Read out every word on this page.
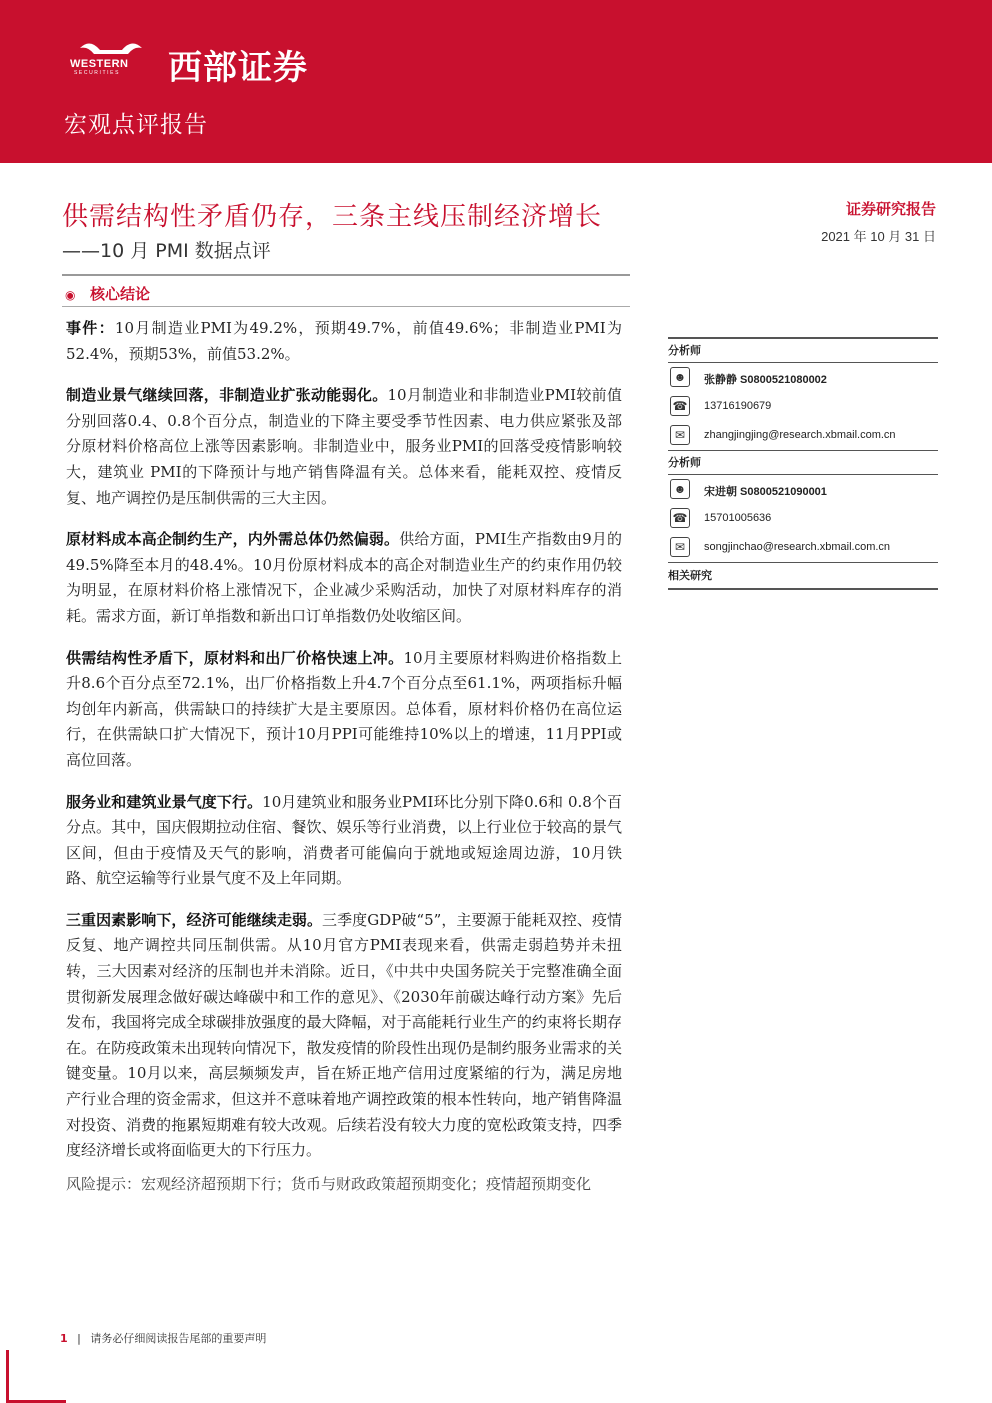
WESTERN
SECURITIES 西部证券
宏观点评报告
供需结构性矛盾仍存，三条主线压制经济增长
——10 月 PMI 数据点评
证券研究报告
2021 年 10 月 31 日
◉ 核心结论

事件：10月制造业PMI为49.2%，预期49.7%，前值49.6%；非制造业PMI为52.4%，预期53%，前值53.2%。

制造业景气继续回落，非制造业扩张动能弱化。10月制造业和非制造业PMI较前值分别回落0.4、0.8个百分点，制造业的下降主要受季节性因素、电力供应紧张及部分原材料价格高位上涨等因素影响。非制造业中，服务业PMI的回落受疫情影响较大，建筑业 PMI的下降预计与地产销售降温有关。总体来看，能耗双控、疫情反复、地产调控仍是压制供需的三大主因。

原材料成本高企制约生产，内外需总体仍然偏弱。供给方面，PMI生产指数由9月的49.5%降至本月的48.4%。10月份原材料成本的高企对制造业生产的约束作用仍较为明显，在原材料价格上涨情况下，企业减少采购活动，加快了对原材料库存的消耗。需求方面，新订单指数和新出口订单指数仍处收缩区间。

供需结构性矛盾下，原材料和出厂价格快速上冲。10月主要原材料购进价格指数上升8.6个百分点至72.1%，出厂价格指数上升4.7个百分点至61.1%，两项指标升幅均创年内新高，供需缺口的持续扩大是主要原因。总体看，原材料价格仍在高位运行，在供需缺口扩大情况下，预计10月PPI可能维持10%以上的增速，11月PPI或高位回落。

服务业和建筑业景气度下行。10月建筑业和服务业PMI环比分别下降0.6和 0.8个百分点。其中，国庆假期拉动住宿、餐饮、娱乐等行业消费，以上行业位于较高的景气区间，但由于疫情及天气的影响，消费者可能偏向于就地或短途周边游，10月铁路、航空运输等行业景气度不及上年同期。

三重因素影响下，经济可能继续走弱。三季度GDP破“5”，主要源于能耗双控、疫情反复、地产调控共同压制供需。从10月官方PMI表现来看，供需走弱趋势并未扭转，三大因素对经济的压制也并未消除。近日，《中共中央国务院关于完整准确全面贯彻新发展理念做好碳达峰碳中和工作的意见》、《2030年前碳达峰行动方案》先后发布，我国将完成全球碳排放强度的最大降幅，对于高能耗行业生产的约束将长期存在。在防疫政策未出现转向情况下，散发疫情的阶段性出现仍是制约服务业需求的关键变量。10月以来，高层频频发声，旨在矫正地产信用过度紧缩的行为，满足房地产行业合理的资金需求，但这并不意味着地产调控政策的根本性转向，地产销售降温对投资、消费的拖累短期难有较大改观。后续若没有较大力度的宽松政策支持，四季度经济增长或将面临更大的下行压力。

风险提示：宏观经济超预期下行；货币与财政政策超预期变化；疫情超预期变化

分析师
☻	张静静 S0800521080002
☎ 13716190679
✉	zhangjingjing@research.xbmail.com.cn
分析师
☻	宋进朝 S0800521090001
☎ 15701005636
✉	songjinchao@research.xbmail.com.cn
相关研究
1 | 请务必仔细阅读报告尾部的重要声明
